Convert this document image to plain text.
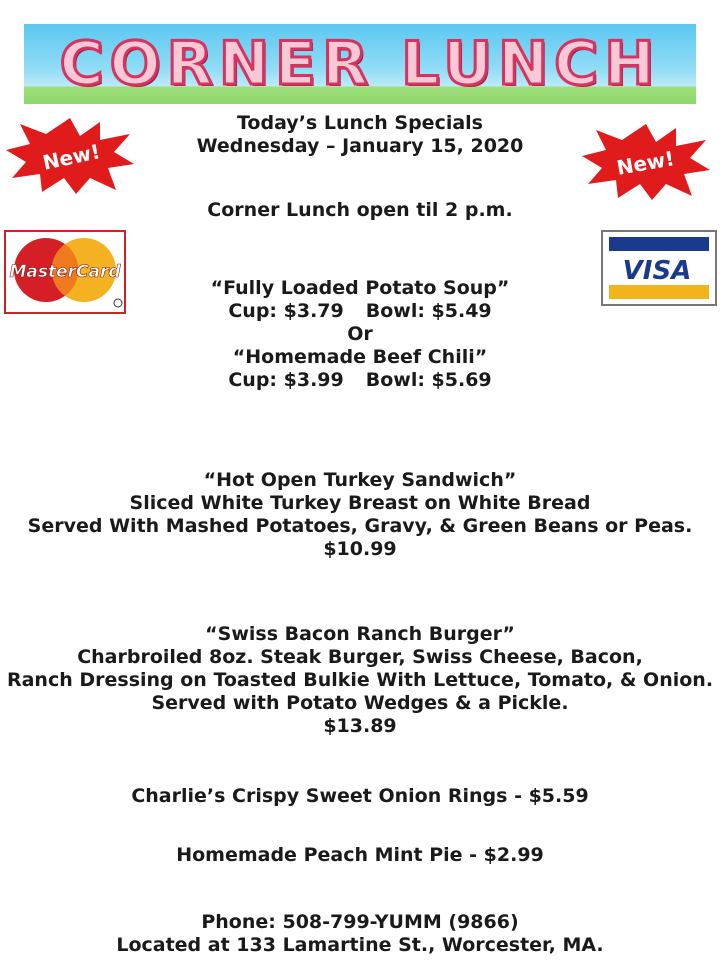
CORNER LUNCH
New!	New!
MasterCard	VISA
Today’s Lunch Specials
Wednesday – January 15, 2020
Corner Lunch open til 2 p.m.
“Fully Loaded Potato Soup”
Cup: $3.79 Bowl: $5.49
Or
“Homemade Beef Chili”
Cup: $3.99 Bowl: $5.69
“Hot Open Turkey Sandwich”
Sliced White Turkey Breast on White Bread
Served With Mashed Potatoes, Gravy, & Green Beans or Peas.
$10.99
“Swiss Bacon Ranch Burger”
Charbroiled 8oz. Steak Burger, Swiss Cheese, Bacon,
Ranch Dressing on Toasted Bulkie With Lettuce, Tomato, & Onion.
Served with Potato Wedges & a Pickle.
$13.89
Charlie’s Crispy Sweet Onion Rings - $5.59
Homemade Peach Mint Pie - $2.99
Phone: 508-799-YUMM (9866)
Located at 133 Lamartine St., Worcester, MA.
